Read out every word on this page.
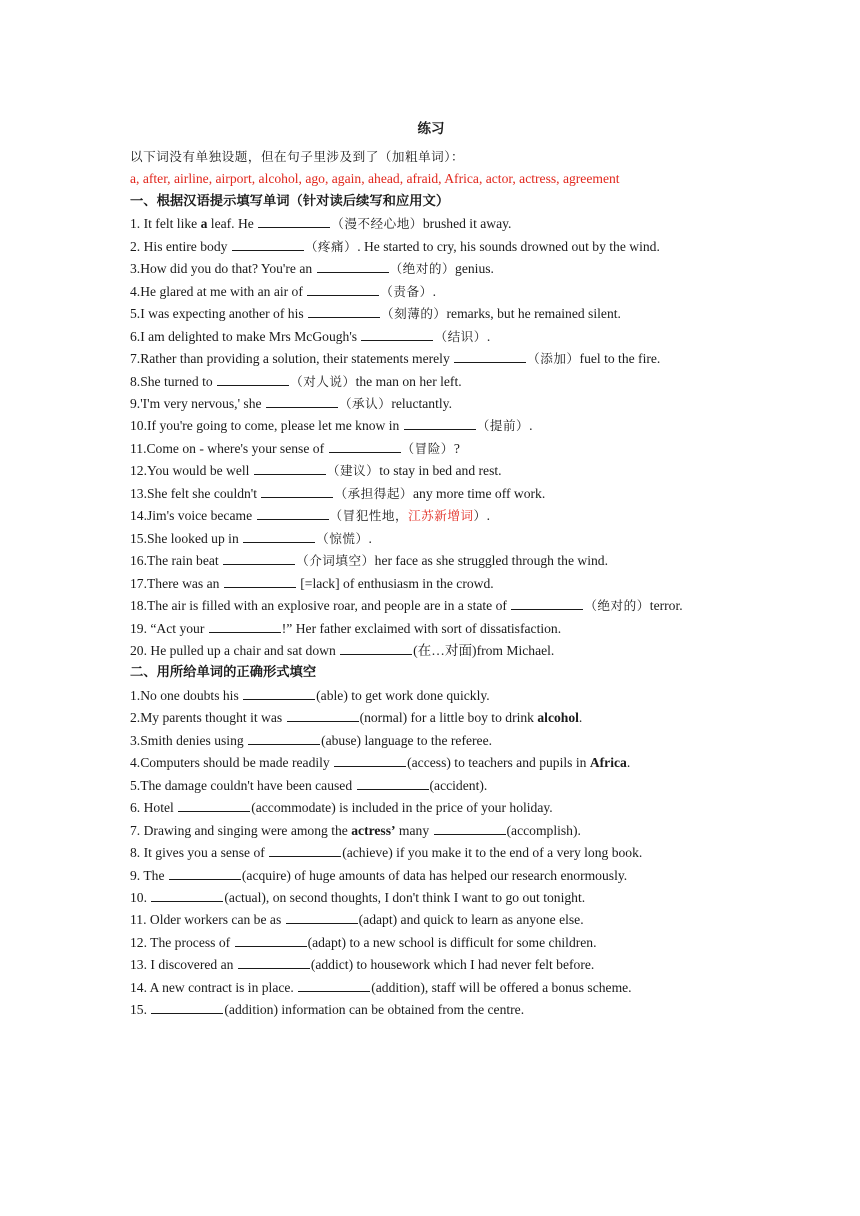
练习
以下词没有单独设题，但在句子里涉及到了（加粗单词）：
a, after, airline, airport, alcohol, ago, again, ahead, afraid, Africa, actor, actress, agreement
一、根据汉语提示填写单词（针对读后续写和应用文）
1. It felt like a leaf. He	（漫不经心地）brushed it away.
2. His entire body	（疼痛）. He started to cry, his sounds drowned out by the wind.
3.How did you do that? You're an	（绝对的）genius.
4.He glared at me with an air of	（责备）.
5.I was expecting another of his	（刻薄的）remarks, but he remained silent.
6.I am delighted to make Mrs McGough's	（结识）.
7.Rather than providing a solution, their statements merely	（添加）fuel to the fire.
8.She turned to	（对人说）the man on her left.
9.'I'm very nervous,' she	（承认）reluctantly.
10.If you're going to come, please let me know in	（提前）.
11.Come on - where's your sense of	（冒险）?
12.You would be well	（建议）to stay in bed and rest.
13.She felt she couldn't	（承担得起）any more time off work.
14.Jim's voice became	（冒犯性地，江苏新增词）.
15.She looked up in	（惊慌）.
16.The rain beat	（介词填空）her face as she struggled through the wind.
17.There was an	[=lack] of enthusiasm in the crowd.
18.The air is filled with an explosive roar, and people are in a state of	（绝对的）terror.
19. “Act your	!” Her father exclaimed with sort of dissatisfaction.
20. He pulled up a chair and sat down	(在…对面)from Michael.
二、用所给单词的正确形式填空
1.No one doubts his	(able) to get work done quickly.
2.My parents thought it was	(normal) for a little boy to drink alcohol.
3.Smith denies using	(abuse) language to the referee.
4.Computers should be made readily	(access) to teachers and pupils in Africa.
5.The damage couldn't have been caused	(accident).
6. Hotel	(accommodate) is included in the price of your holiday.
7. Drawing and singing were among the actress’ many	(accomplish).
8. It gives you a sense of	(achieve) if you make it to the end of a very long book.
9. The	(acquire) of huge amounts of data has helped our research enormously.
10.	(actual), on second thoughts, I don't think I want to go out tonight.
11. Older workers can be as	(adapt) and quick to learn as anyone else.
12. The process of	(adapt) to a new school is difficult for some children.
13. I discovered an	(addict) to housework which I had never felt before.
14. A new contract is in place.	(addition), staff will be offered a bonus scheme.
15.	(addition) information can be obtained from the centre.
